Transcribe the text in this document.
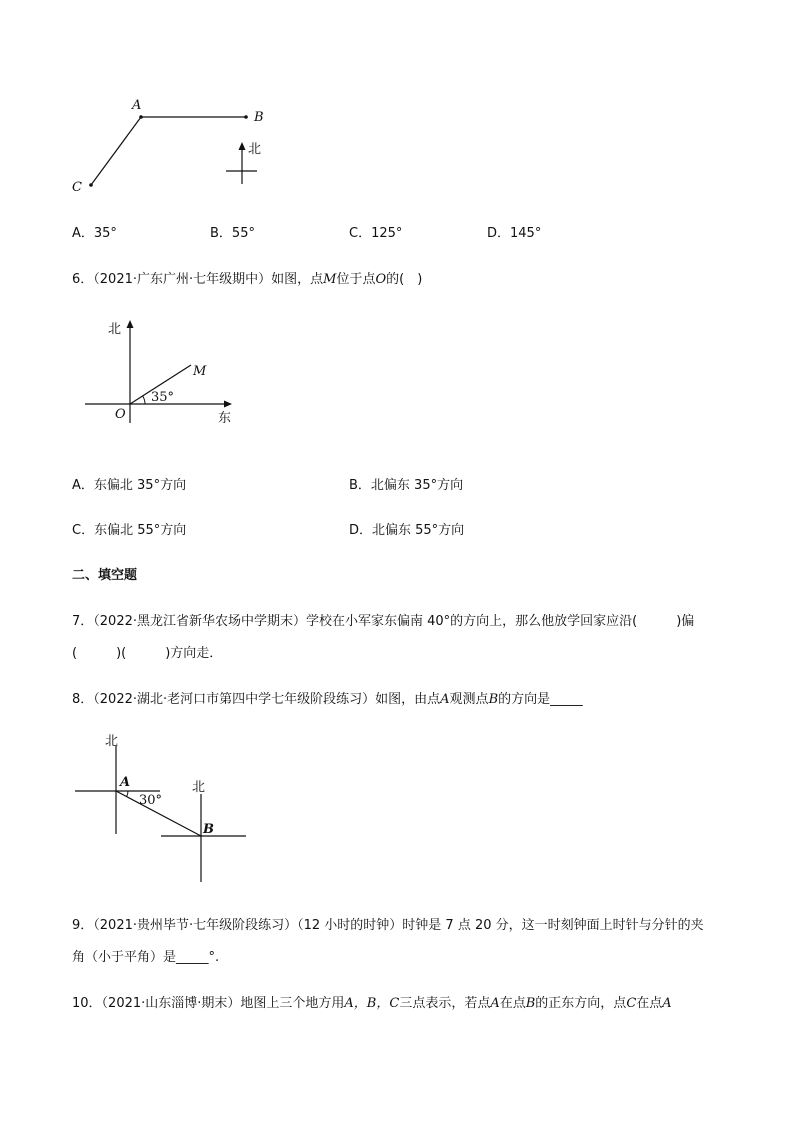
A
B
C
北
A．35°	B．55°	C．125°	D．145°
6．（2021·广东广州·七年级期中）如图，点M位于点O的(　)
北
M
35°
O	东
A．东偏北 35°方向	B．北偏东 35°方向
C．东偏北 55°方向	D．北偏东 55°方向
二、填空题
7．（2022·黑龙江省新华农场中学期末）学校在小军家东偏南 40°的方向上，那么他放学回家应沿(　　　)偏
(　　　)(　　　)方向走．
8．（2022·湖北·老河口市第四中学七年级阶段练习）如图，由点A观测点B的方向是_____
北
北
A
30°
B
9．（2021·贵州毕节·七年级阶段练习）（12 小时的时钟）时钟是 7 点 20 分，这一时刻钟面上时针与分针的夹
角（小于平角）是_____°.
10．（2021·山东淄博·期末）地图上三个地方用A，B，C三点表示，若点A在点B的正东方向，点C在点A
